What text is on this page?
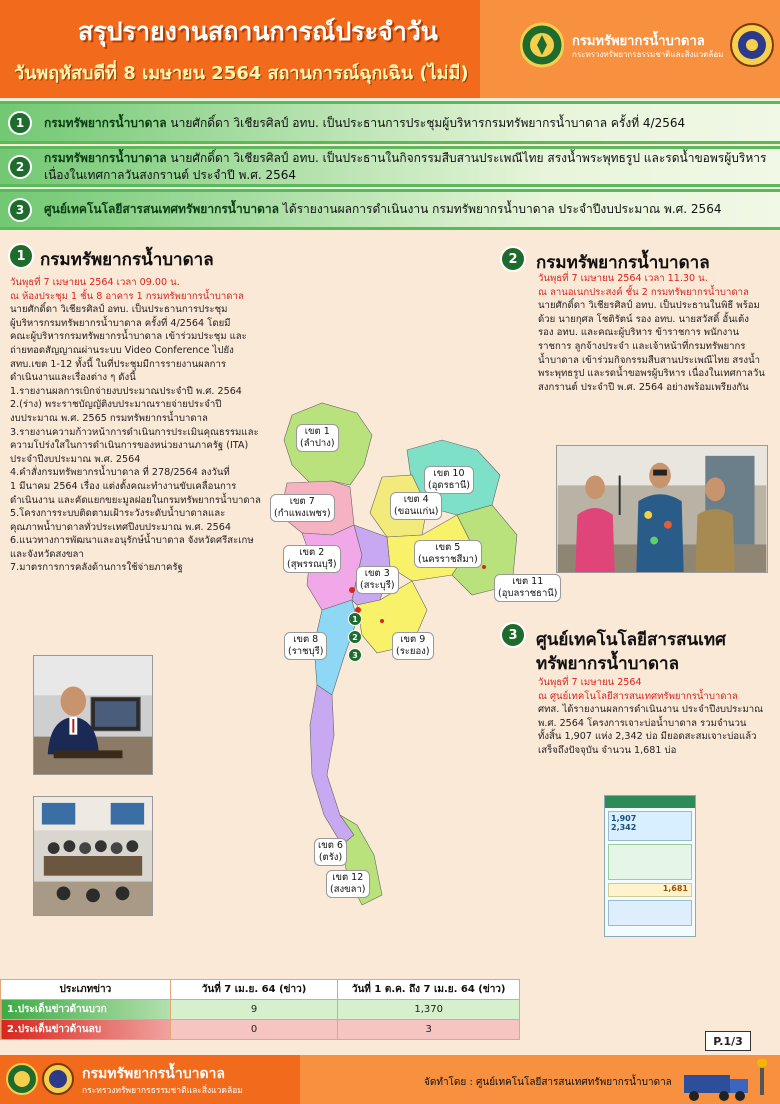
สรุปรายงานสถานการณ์ประจำวัน
วันพฤหัสบดีที่ 8 เมษายน 2564 สถานการณ์ฉุกเฉิน (ไม่มี)
กรมทรัพยากรน้ำบาดาล
กระทรวงทรัพยากรธรรมชาติและสิ่งแวดล้อม
1	กรมทรัพยากรน้ำบาดาล นายศักดิ์ดา วิเชียรศิลป์ อทบ. เป็นประธานการประชุมผู้บริหารกรมทรัพยากรน้ำบาดาล ครั้งที่ 4/2564
2
กรมทรัพยากรน้ำบาดาล นายศักดิ์ดา วิเชียรศิลป์ อทบ. เป็นประธานในกิจกรรมสืบสานประเพณีไทย สรงน้ำพระพุทธรูป และรดน้ำขอพรผู้บริหาร เนื่องในเทศกาลวันสงกรานต์ ประจำปี พ.ศ. 2564
3	ศูนย์เทคโนโลยีสารสนเทศทรัพยากรน้ำบาดาล ได้รายงานผลการดำเนินงาน กรมทรัพยากรน้ำบาดาล ประจำปีงบประมาณ พ.ศ. 2564
1 กรมทรัพยากรน้ำบาดาล
วันพุธที่ 7 เมษายน 2564 เวลา 09.00 น.
ณ ห้องประชุม 1 ชั้น 8 อาคาร 1 กรมทรัพยากรน้ำบาดาล
นายศักดิ์ดา วิเชียรศิลป์ อทบ. เป็นประธานการประชุม
ผู้บริหารกรมทรัพยากรน้ำบาดาล ครั้งที่ 4/2564 โดยมี
คณะผู้บริหารกรมทรัพยากรน้ำบาดาล เข้าร่วมประชุม และ
ถ่ายทอดสัญญาณผ่านระบบ Video Conference ไปยัง
สทบ.เขต 1-12 ทั้งนี้ ในที่ประชุมมีการรายงานผลการ
ดำเนินงานและเรื่องต่าง ๆ ดังนี้
1.รายงานผลการเบิกจ่ายงบประมาณประจำปี พ.ศ. 2564
2.(ร่าง) พระราชบัญญัติงบประมาณรายจ่ายประจำปี
งบประมาณ พ.ศ. 2565 กรมทรัพยากรน้ำบาดาล
3.รายงานความก้าวหน้าการดำเนินการประเมินคุณธรรมและ
ความโปร่งใสในการดำเนินการของหน่วยงานภาครัฐ (ITA)
ประจำปีงบประมาณ พ.ศ. 2564
4.คำสั่งกรมทรัพยากรน้ำบาดาล ที่ 278/2564 ลงวันที่
1 มีนาคม 2564 เรื่อง แต่งตั้งคณะทำงานขับเคลื่อนการ
ดำเนินงาน และคัดแยกขยะมูลฝอยในกรมทรัพยากรน้ำบาดาล
5.โครงการระบบติดตามเฝ้าระวังระดับน้ำบาดาลและ
คุณภาพน้ำบาดาลทั่วประเทศปีงบประมาณ พ.ศ. 2564
6.แนวทางการพัฒนาและอนุรักษ์น้ำบาดาล จังหวัดศรีสะเกษ
และจังหวัดสงขลา
7.มาตรการการคลังด้านการใช้จ่ายภาครัฐ
เขต 1
(ลำปาง)
เขต 10
(อุดรธานี)
เขต 4
(ขอนแก่น)
เขต 7
(กำแพงเพชร)
เขต 5
(นครราชสีมา)
เขต 2
(สุพรรณบุรี)
เขต 3
(สระบุรี)	เขต 11
(อุบลราชธานี)
เขต 8
(ราชบุรี)
เขต 9
(ระยอง)
เขต 6
(ตรัง)
เขต 12
(สงขลา)
1
2
3
2	กรมทรัพยากรน้ำบาดาล
วันพุธที่ 7 เมษายน 2564 เวลา 11.30 น.
ณ ลานอเนกประสงค์ ชั้น 2 กรมทรัพยากรน้ำบาดาล
นายศักดิ์ดา วิเชียรศิลป์ อทบ. เป็นประธานในพิธี พร้อม
ด้วย นายกุศล โชติรัตน์ รอง อทบ. นายสวัสดิ์ อั้นเต้ง
รอง อทบ. และคณะผู้บริหาร ข้าราชการ พนักงาน
ราชการ ลูกจ้างประจำ และเจ้าหน้าที่กรมทรัพยากร
น้ำบาดาล เข้าร่วมกิจกรรมสืบสานประเพณีไทย สรงน้ำ
พระพุทธรูป และรดน้ำขอพรผู้บริหาร เนื่องในเทศกาลวัน
สงกรานต์ ประจำปี พ.ศ. 2564 อย่างพร้อมเพรียงกัน
3	ศูนย์เทคโนโลยีสารสนเทศ
ทรัพยากรน้ำบาดาล
วันพุธที่ 7 เมษายน 2564
ณ ศูนย์เทคโนโลยีสารสนเทศทรัพยากรน้ำบาดาล
ศทส. ได้รายงานผลการดำเนินงาน ประจำปีงบประมาณ
พ.ศ. 2564 โครงการเจาะบ่อน้ำบาดาล รวมจำนวน
ทั้งสิ้น 1,907 แห่ง 2,342 บ่อ มียอดสะสมเจาะบ่อแล้ว
เสร็จถึงปัจจุบัน จำนวน 1,681 บ่อ
1,907
2,342
1,681
ประเภทข่าว	วันที่ 7 เม.ย. 64 (ข่าว)	วันที่ 1 ต.ค. ถึง 7 เม.ย. 64 (ข่าว)
1.ประเด็นข่าวด้านบวก	9	1,370
2.ประเด็นข่าวด้านลบ	0	3
P.1/3
กรมทรัพยากรน้ำบาดาล
กระทรวงทรัพยากรธรรมชาติและสิ่งแวดล้อม
จัดทำโดย : ศูนย์เทคโนโลยีสารสนเทศทรัพยากรน้ำบาดาล
